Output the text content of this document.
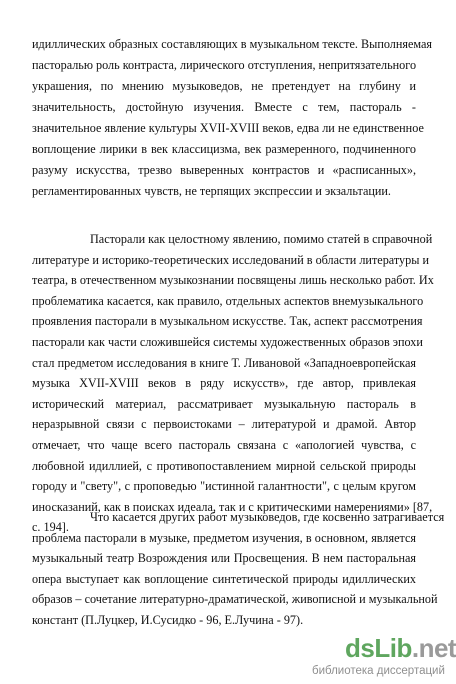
идиллических образных составляющих в музыкальном тексте. Выполняемая
пасторалью роль контраста, лирического отступления, непритязательного
украшения, по мнению музыковедов, не претендует на глубину и
значительность, достойную изучения. Вместе с тем, пастораль -
значительное явление культуры XVII-XVIII веков, едва ли не единственное
воплощение лирики в век классицизма, век размеренного, подчиненного
разуму искусства, трезво выверенных контрастов и «расписанных»,
регламентированных чувств, не терпящих экспрессии и экзальтации.
Пасторали как целостному явлению, помимо статей в справочной
литературе и историко-теоретических исследований в области литературы и
театра, в отечественном музыкознании посвящены лишь несколько работ. Их
проблематика касается, как правило, отдельных аспектов внемузыкального
проявления пасторали в музыкальном искусстве. Так, аспект рассмотрения
пасторали как части сложившейся системы художественных образов эпохи
стал предметом исследования в книге Т. Ливановой «Западноевропейская
музыка XVII-XVIII веков в ряду искусств», где автор, привлекая
исторический материал, рассматривает музыкальную пастораль в
неразрывной связи с первоистоками – литературой и драмой. Автор
отмечает, что чаще всего пастораль связана с «апологией чувства, с
любовной идиллией, с противопоставлением мирной сельской природы
городу и "свету", с проповедью "истинной галантности", с целым кругом
иносказаний, как в поисках идеала, так и с критическими намерениями» [87,
с. 194].
Что касается других работ музыковедов, где косвенно затрагивается
проблема пасторали в музыке, предметом изучения, в основном, является
музыкальный театр Возрождения или Просвещения. В нем пасторальная
опера выступает как воплощение синтетической природы идиллических
образов – сочетание литературно-драматической, живописной и музыкальной
констант (П.Луцкер, И.Сусидко - 96, Е.Лучина - 97).
dsLib.net
библиотека диссертаций
